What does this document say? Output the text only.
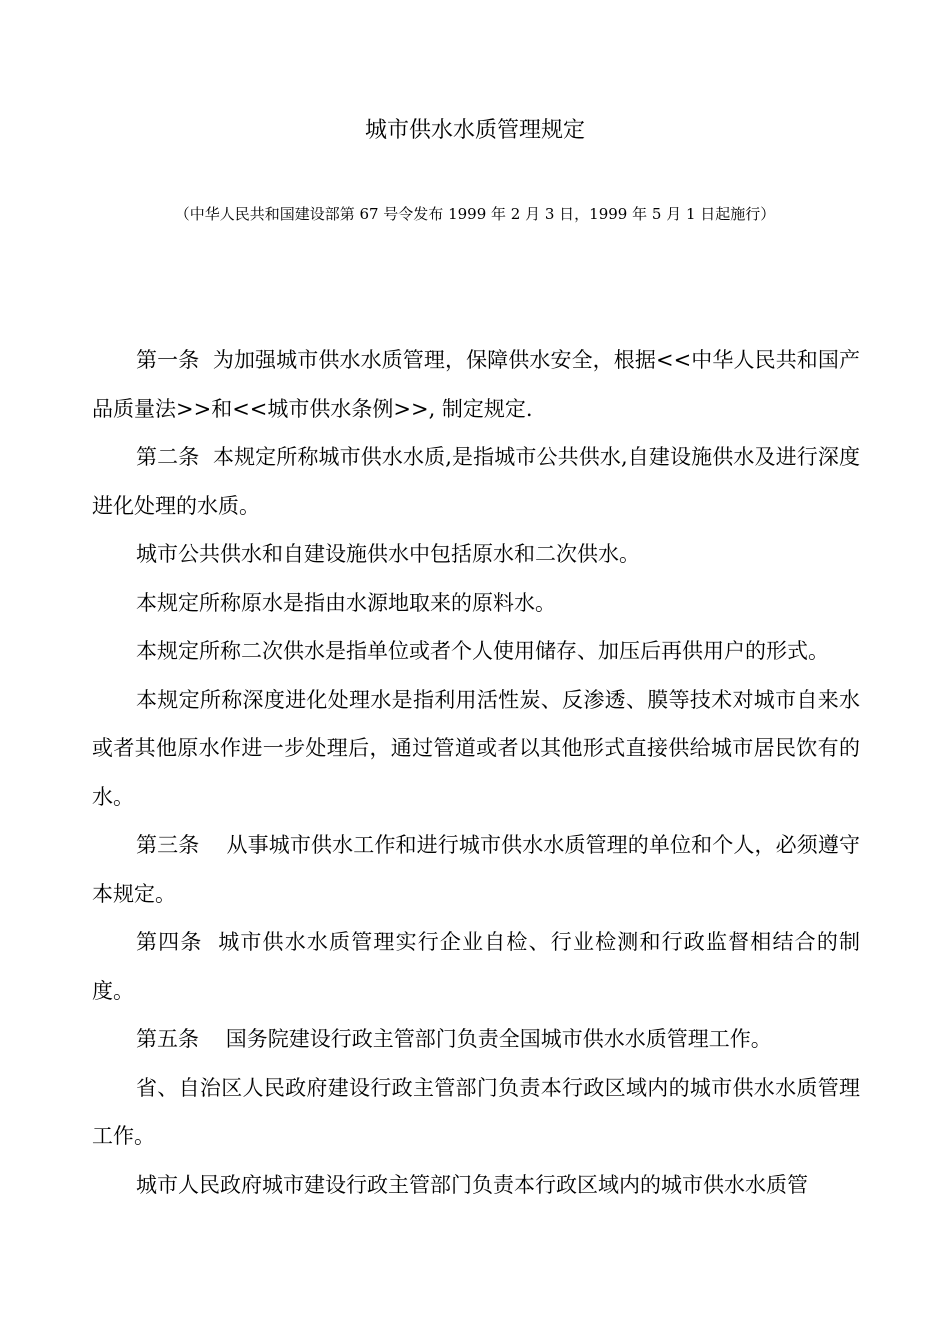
城市供水水质管理规定
（中华人民共和国建设部第 67 号令发布 1999 年 2 月 3 日，1999 年 5 月 1 日起施行）

第一条  为加强城市供水水质管理，保障供水安全，根据<<中华人民共和国产品质量法>>和<<城市供水条例>>, 制定规定.

第二条  本规定所称城市供水水质,是指城市公共供水,自建设施供水及进行深度进化处理的水质。

城市公共供水和自建设施供水中包括原水和二次供水。

本规定所称原水是指由水源地取来的原料水。

本规定所称二次供水是指单位或者个人使用储存、加压后再供用户的形式。

本规定所称深度进化处理水是指利用活性炭、反渗透、膜等技术对城市自来水或者其他原水作进一步处理后，通过管道或者以其他形式直接供给城市居民饮有的水。

第三条    从事城市供水工作和进行城市供水水质管理的单位和个人，必须遵守本规定。

第四条  城市供水水质管理实行企业自检、行业检测和行政监督相结合的制度。

第五条    国务院建设行政主管部门负责全国城市供水水质管理工作。

省、自治区人民政府建设行政主管部门负责本行政区域内的城市供水水质管理工作。

城市人民政府城市建设行政主管部门负责本行政区域内的城市供水水质管
